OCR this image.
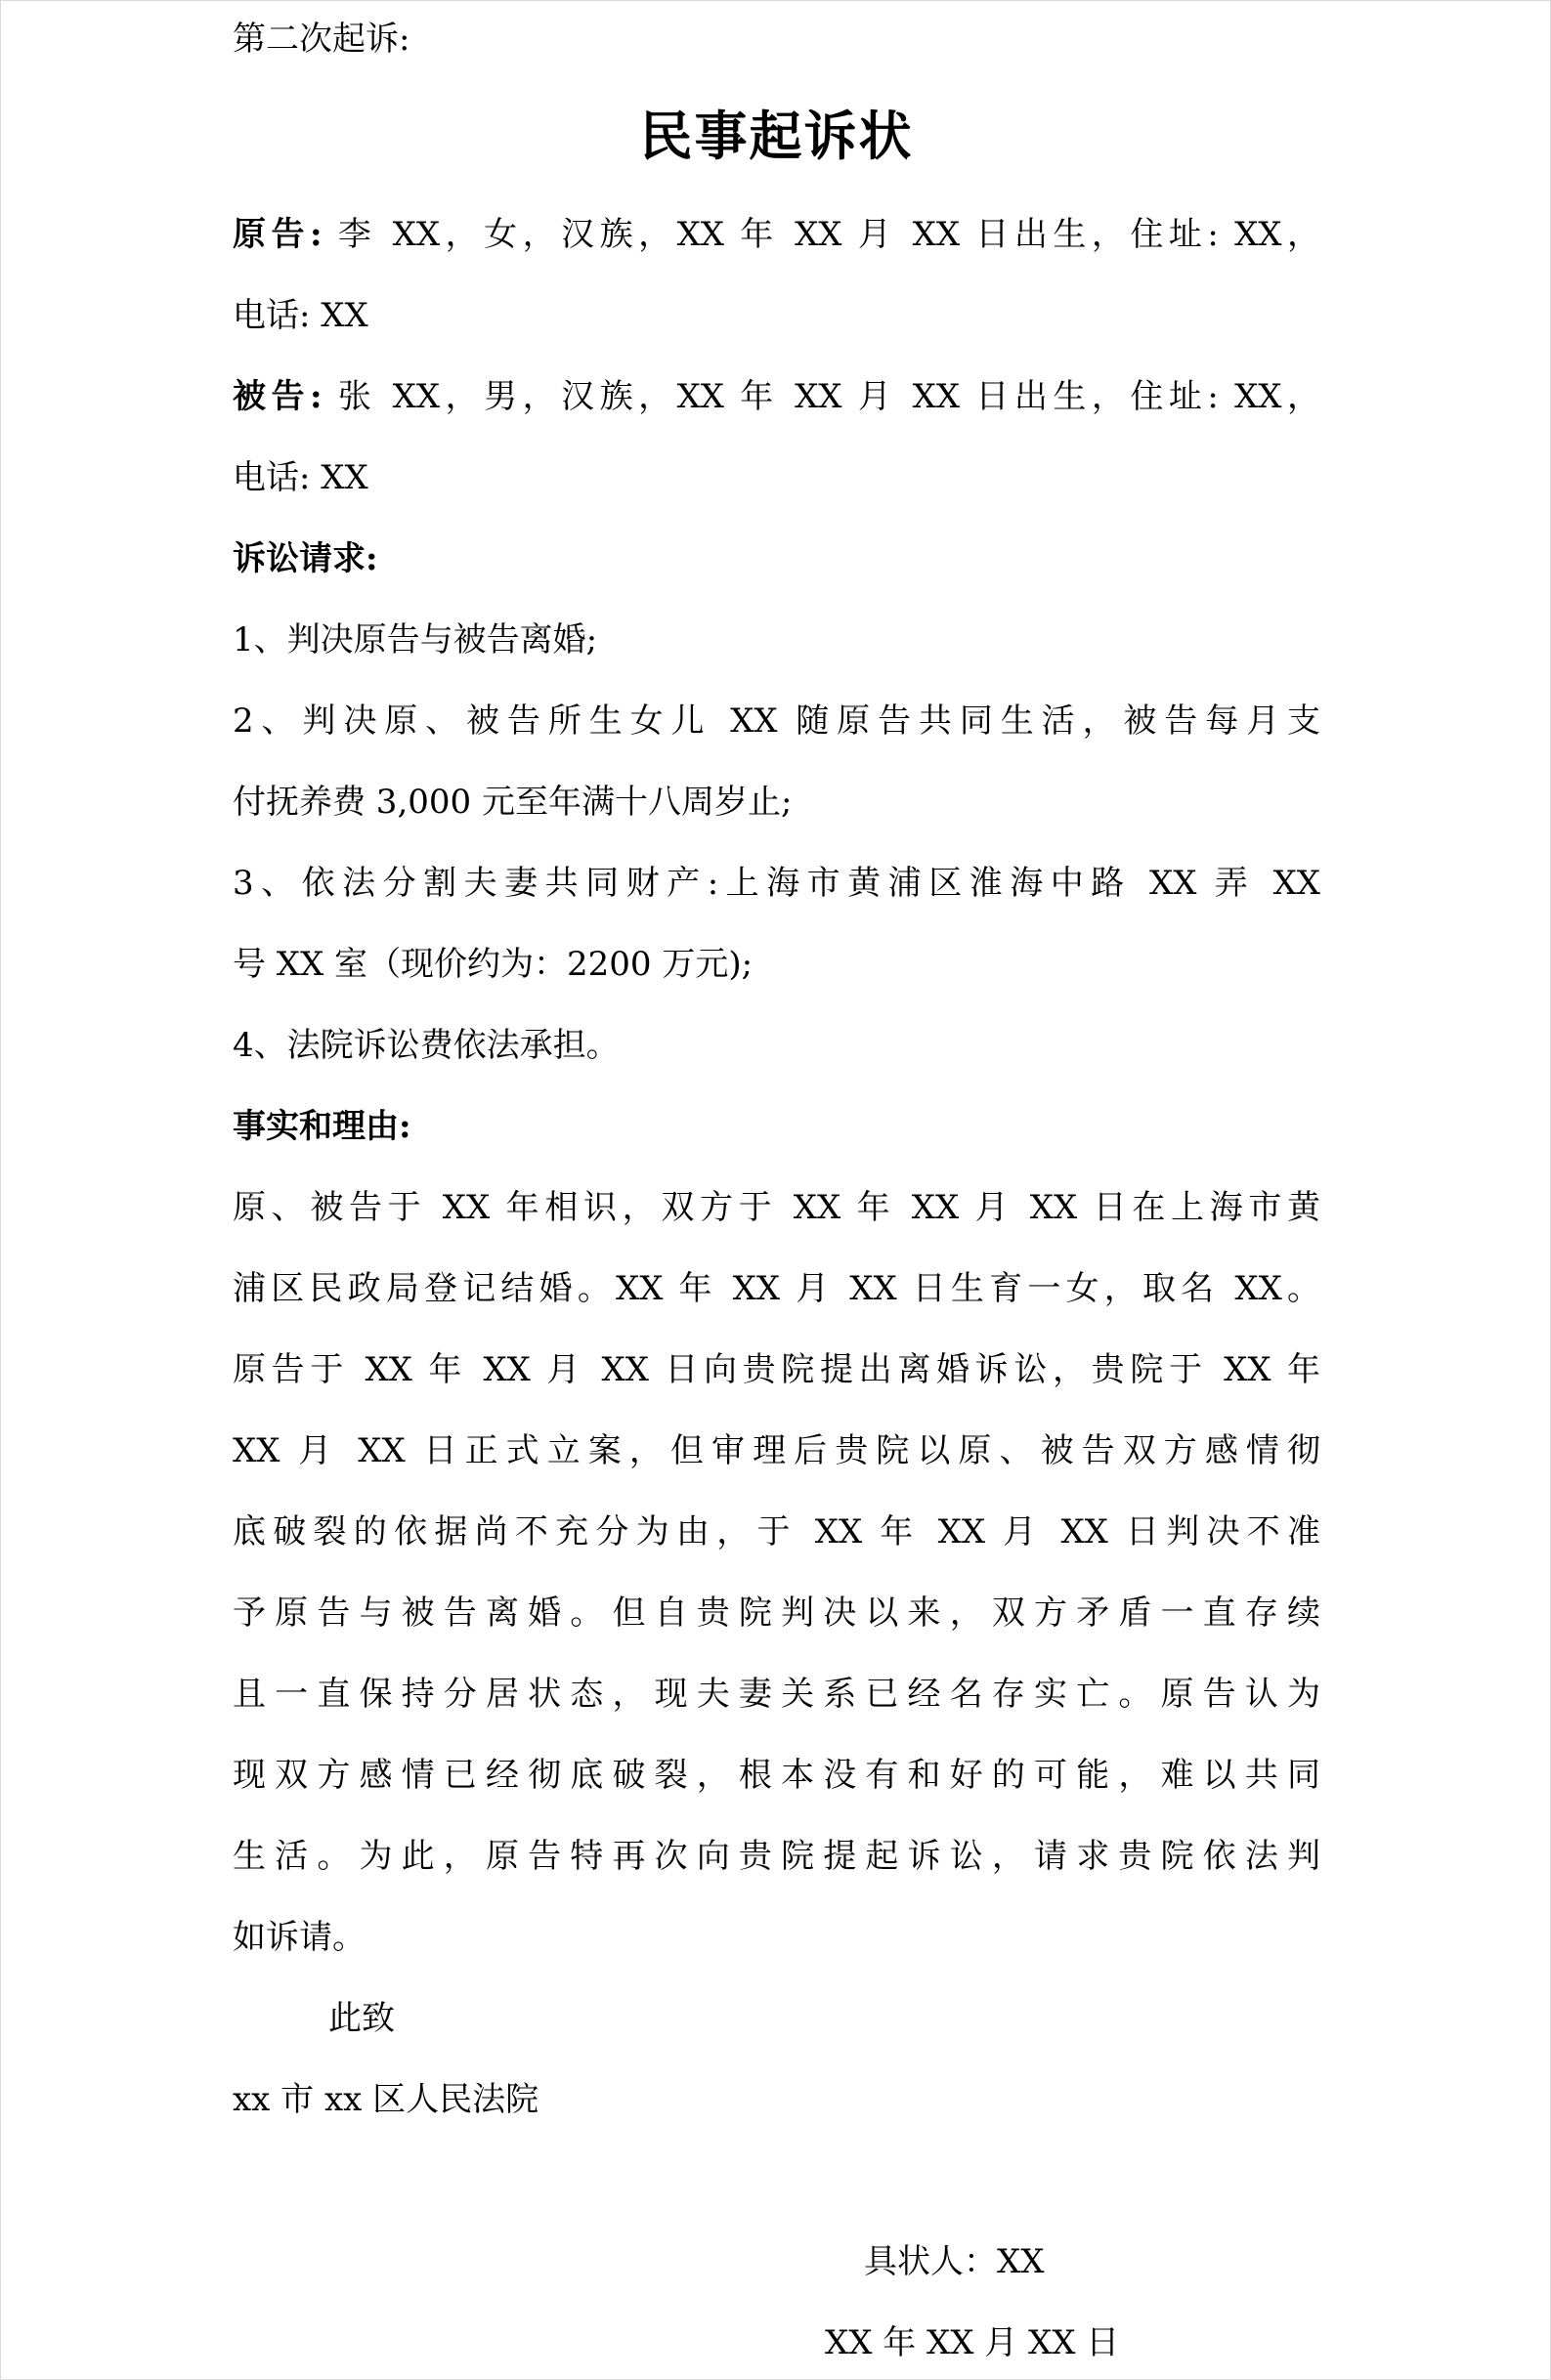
第二次起诉:
民事起诉状
原告: 李 XX，女，汉族，XX 年 XX 月 XX 日出生，住址: XX，
电话: XX
被告: 张 XX，男，汉族，XX 年 XX 月 XX 日出生，住址: XX，
电话: XX
诉讼请求:
1、判决原告与被告离婚;
2、判决原、被告所生女儿 XX 随原告共同生活，被告每月支
付抚养费 3,000 元至年满十八周岁止;
3、依法分割夫妻共同财产:上海市黄浦区淮海中路 XX 弄 XX
号 XX 室（现价约为：2200 万元);
4、法院诉讼费依法承担。
事实和理由:
原、被告于 XX 年相识，双方于 XX 年 XX 月 XX 日在上海市黄
浦区民政局登记结婚。XX 年 XX 月 XX 日生育一女，取名 XX。
原告于 XX 年 XX 月 XX 日向贵院提出离婚诉讼，贵院于 XX 年
XX 月 XX 日正式立案，但审理后贵院以原、被告双方感情彻
底破裂的依据尚不充分为由，于 XX 年 XX 月 XX 日判决不准
予原告与被告离婚。但自贵院判决以来，双方矛盾一直存续
且一直保持分居状态，现夫妻关系已经名存实亡。原告认为
现双方感情已经彻底破裂，根本没有和好的可能，难以共同
生活。为此，原告特再次向贵院提起诉讼，请求贵院依法判
如诉请。
此致
xx 市 xx 区人民法院
具状人：XX
XX 年 XX 月 XX 日
